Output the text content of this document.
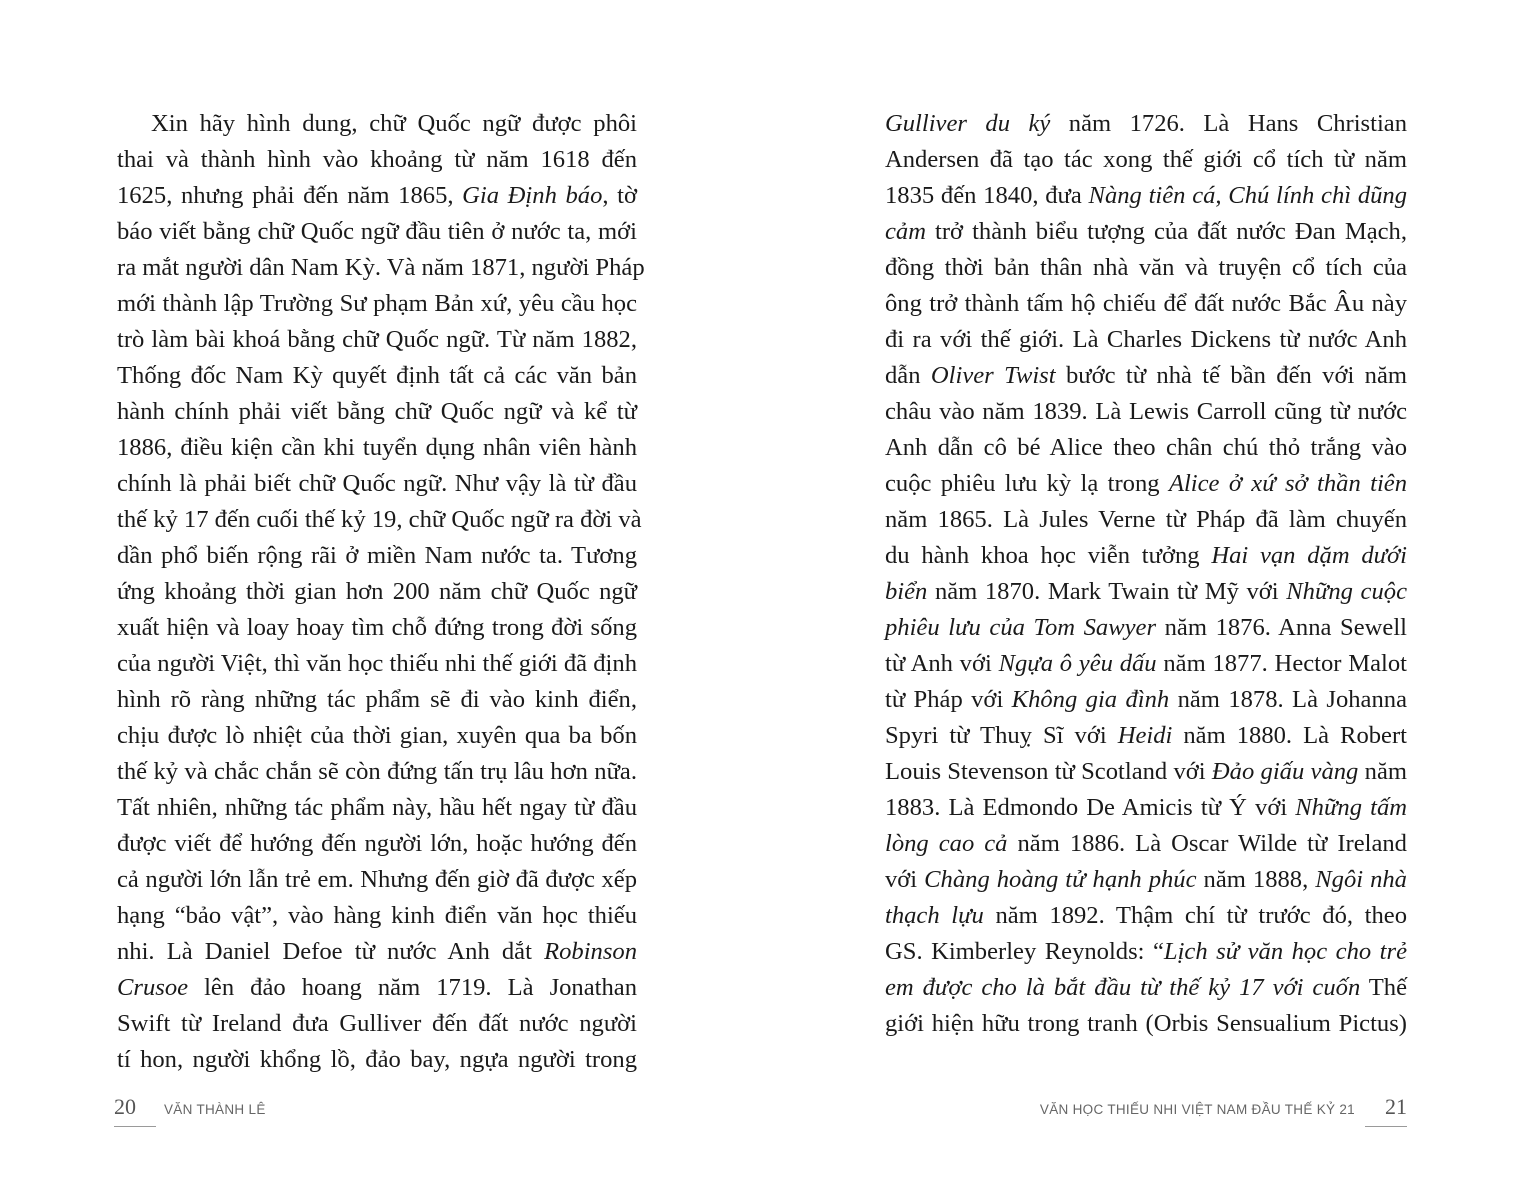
Xin hãy hình dung, chữ Quốc ngữ được phôi
thai và thành hình vào khoảng từ năm 1618 đến
1625, nhưng phải đến năm 1865, Gia Định báo, tờ
báo viết bằng chữ Quốc ngữ đầu tiên ở nước ta, mới
ra mắt người dân Nam Kỳ. Và năm 1871, người Pháp
mới thành lập Trường Sư phạm Bản xứ, yêu cầu học
trò làm bài khoá bằng chữ Quốc ngữ. Từ năm 1882,
Thống đốc Nam Kỳ quyết định tất cả các văn bản
hành chính phải viết bằng chữ Quốc ngữ và kể từ
1886, điều kiện cần khi tuyển dụng nhân viên hành
chính là phải biết chữ Quốc ngữ. Như vậy là từ đầu
thế kỷ 17 đến cuối thế kỷ 19, chữ Quốc ngữ ra đời và
dần phổ biến rộng rãi ở miền Nam nước ta. Tương
ứng khoảng thời gian hơn 200 năm chữ Quốc ngữ
xuất hiện và loay hoay tìm chỗ đứng trong đời sống
của người Việt, thì văn học thiếu nhi thế giới đã định
hình rõ ràng những tác phẩm sẽ đi vào kinh điển,
chịu được lò nhiệt của thời gian, xuyên qua ba bốn
thế kỷ và chắc chắn sẽ còn đứng tấn trụ lâu hơn nữa.
Tất nhiên, những tác phẩm này, hầu hết ngay từ đầu
được viết để hướng đến người lớn, hoặc hướng đến
cả người lớn lẫn trẻ em. Nhưng đến giờ đã được xếp
hạng “bảo vật”, vào hàng kinh điển văn học thiếu
nhi. Là Daniel Defoe từ nước Anh dắt Robinson
Crusoe lên đảo hoang năm 1719. Là Jonathan
Swift từ Ireland đưa Gulliver đến đất nước người
tí hon, người khổng lồ, đảo bay, ngựa người trong
20 VĂN THÀNH LÊ
Gulliver du ký năm 1726. Là Hans Christian
Andersen đã tạo tác xong thế giới cổ tích từ năm
1835 đến 1840, đưa Nàng tiên cá, Chú lính chì dũng
cảm trở thành biểu tượng của đất nước Đan Mạch,
đồng thời bản thân nhà văn và truyện cổ tích của
ông trở thành tấm hộ chiếu để đất nước Bắc Âu này
đi ra với thế giới. Là Charles Dickens từ nước Anh
dẫn Oliver Twist bước từ nhà tế bần đến với năm
châu vào năm 1839. Là Lewis Carroll cũng từ nước
Anh dẫn cô bé Alice theo chân chú thỏ trắng vào
cuộc phiêu lưu kỳ lạ trong Alice ở xứ sở thần tiên
năm 1865. Là Jules Verne từ Pháp đã làm chuyến
du hành khoa học viễn tưởng Hai vạn dặm dưới
biển năm 1870. Mark Twain từ Mỹ với Những cuộc
phiêu lưu của Tom Sawyer năm 1876. Anna Sewell
từ Anh với Ngựa ô yêu dấu năm 1877. Hector Malot
từ Pháp với Không gia đình năm 1878. Là Johanna
Spyri từ Thuỵ Sĩ với Heidi năm 1880. Là Robert
Louis Stevenson từ Scotland với Đảo giấu vàng năm
1883. Là Edmondo De Amicis từ Ý với Những tấm
lòng cao cả năm 1886. Là Oscar Wilde từ Ireland
với Chàng hoàng tử hạnh phúc năm 1888, Ngôi nhà
thạch lựu năm 1892. Thậm chí từ trước đó, theo
GS. Kimberley Reynolds: “Lịch sử văn học cho trẻ
em được cho là bắt đầu từ thế kỷ 17 với cuốn Thế
giới hiện hữu trong tranh (Orbis Sensualium Pictus)
VĂN HỌC THIẾU NHI VIỆT NAM ĐẦU THẾ KỶ 21 21
